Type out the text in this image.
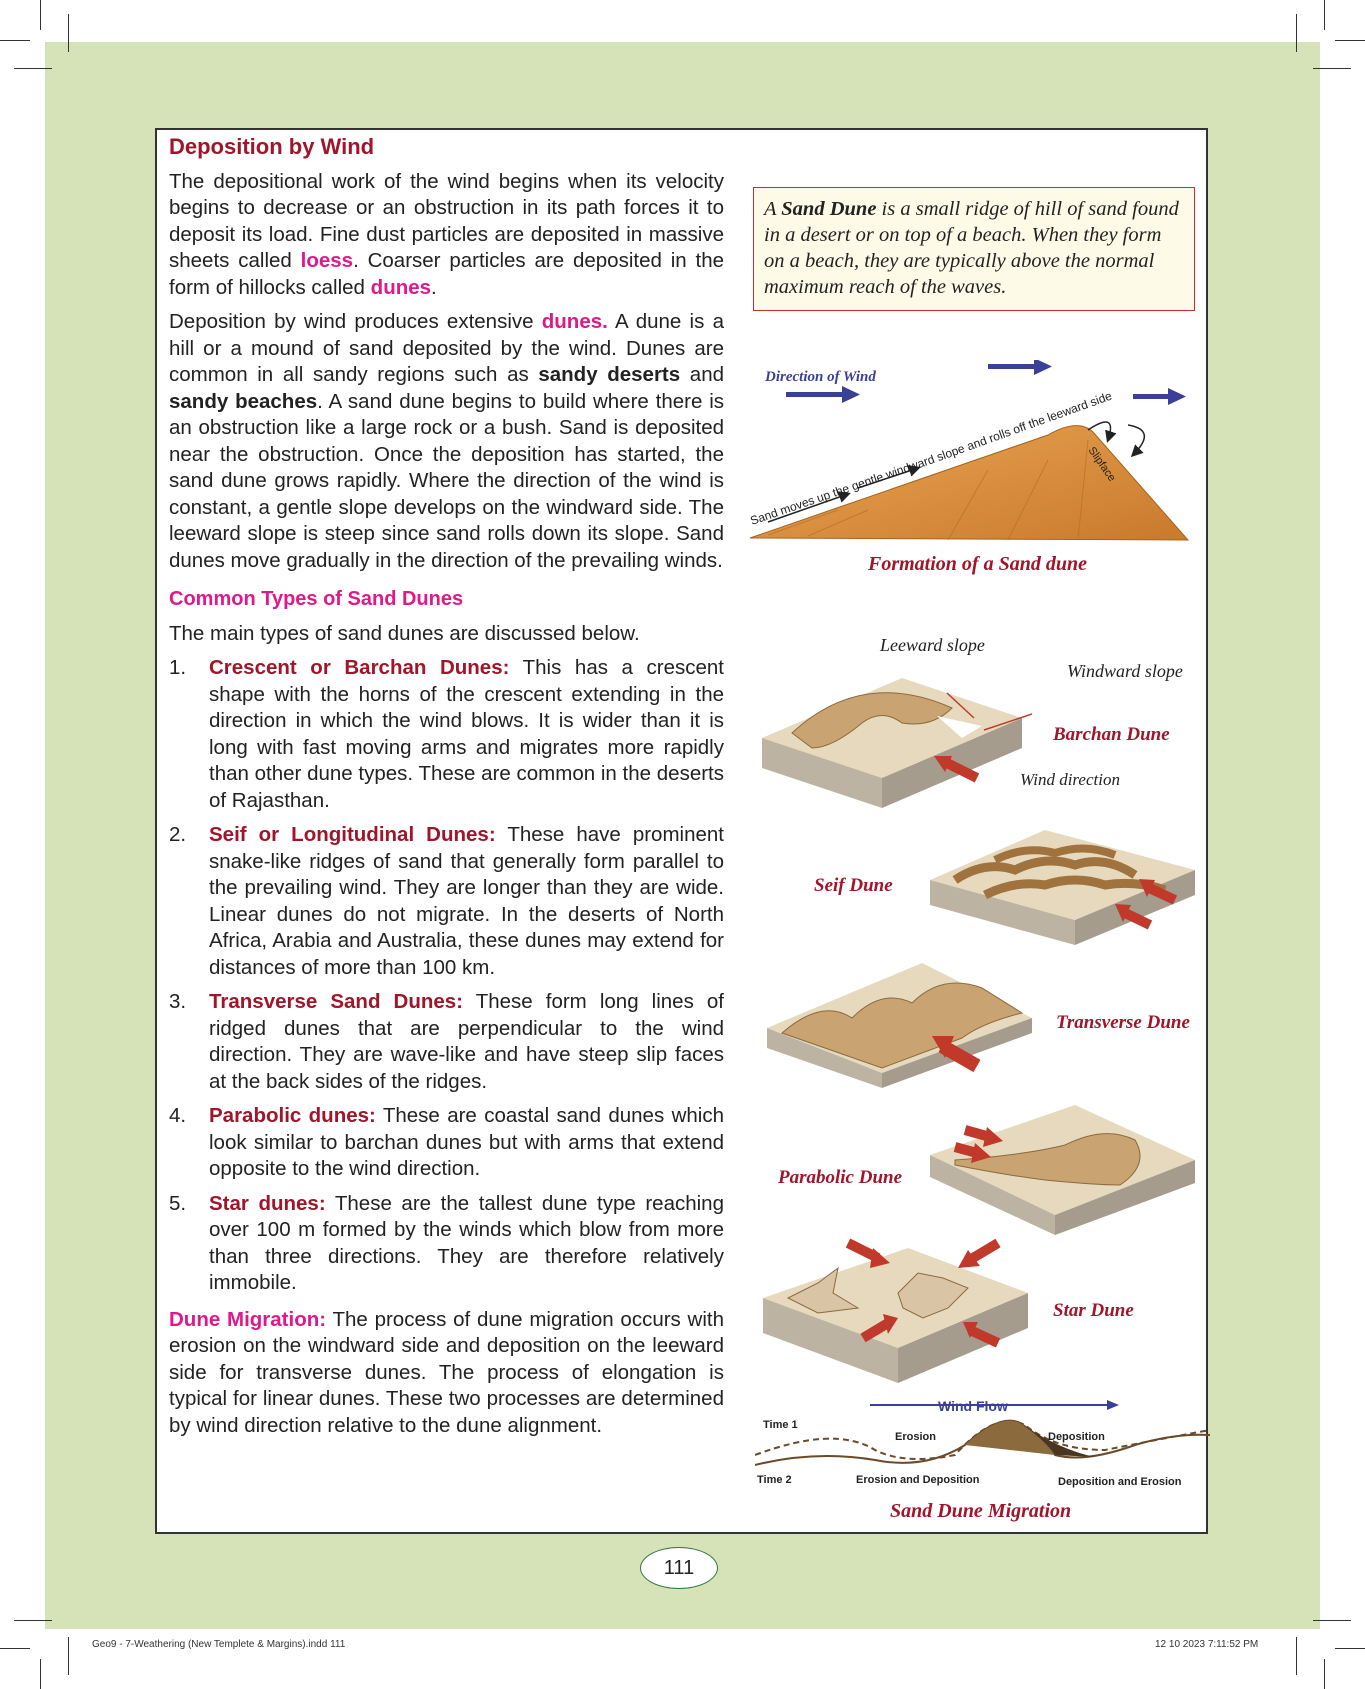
Deposition by Wind

The depositional work of the wind begins when its velocity begins to decrease or an obstruction in its path forces it to deposit its load. Fine dust particles are deposited in massive sheets called loess. Coarser particles are deposited in the form of hillocks called dunes.

Deposition by wind produces extensive dunes. A dune is a hill or a mound of sand deposited by the wind. Dunes are common in all sandy regions such as sandy deserts and sandy beaches. A sand dune begins to build where there is an obstruction like a large rock or a bush. Sand is deposited near the obstruction. Once the deposition has started, the sand dune grows rapidly. Where the direction of the wind is constant, a gentle slope develops on the windward side. The leeward slope is steep since sand rolls down its slope. Sand dunes move gradually in the direction of the prevailing winds.

Common Types of Sand Dunes

The main types of sand dunes are discussed below.

1. Crescent or Barchan Dunes: This has a crescent shape with the horns of the crescent extending in the direction in which the wind blows. It is wider than it is long with fast moving arms and migrates more rapidly than other dune types. These are common in the deserts of Rajasthan.
2. Seif or Longitudinal Dunes: These have prominent snake-like ridges of sand that generally form parallel to the prevailing wind. They are longer than they are wide. Linear dunes do not migrate. In the deserts of North Africa, Arabia and Australia, these dunes may extend for distances of more than 100 km.
3. Transverse Sand Dunes: These form long lines of ridged dunes that are perpendicular to the wind direction. They are wave-like and have steep slip faces at the back sides of the ridges.
4. Parabolic dunes: These are coastal sand dunes which look similar to barchan dunes but with arms that extend opposite to the wind direction.
5. Star dunes: These are the tallest dune type reaching over 100 m formed by the winds which blow from more than three directions. They are therefore relatively immobile.

Dune Migration: The process of dune migration occurs with erosion on the windward side and deposition on the leeward side for transverse dunes. The process of elongation is typical for linear dunes. These two processes are determined by wind direction relative to the dune alignment.

A Sand Dune is a small ridge of hill of sand found in a desert or on top of a beach. When they form on a beach, they are typically above the normal maximum reach of the waves.
Sand moves up the gentle windward slope and rolls off the leeward side
Slipface
Direction of Wind
Formation of a Sand dune
Leeward slope
Windward slope
Barchan Dune
Wind direction
Seif Dune
Transverse Dune
Parabolic Dune
Star Dune
Wind Flow
Time 1
Time 2
Erosion	Deposition
Erosion and Deposition	Deposition and Erosion
Sand Dune Migration
111
Geo9 - 7-Weathering (New Templete & Margins).indd 111	12 10 2023 7:11:52 PM
